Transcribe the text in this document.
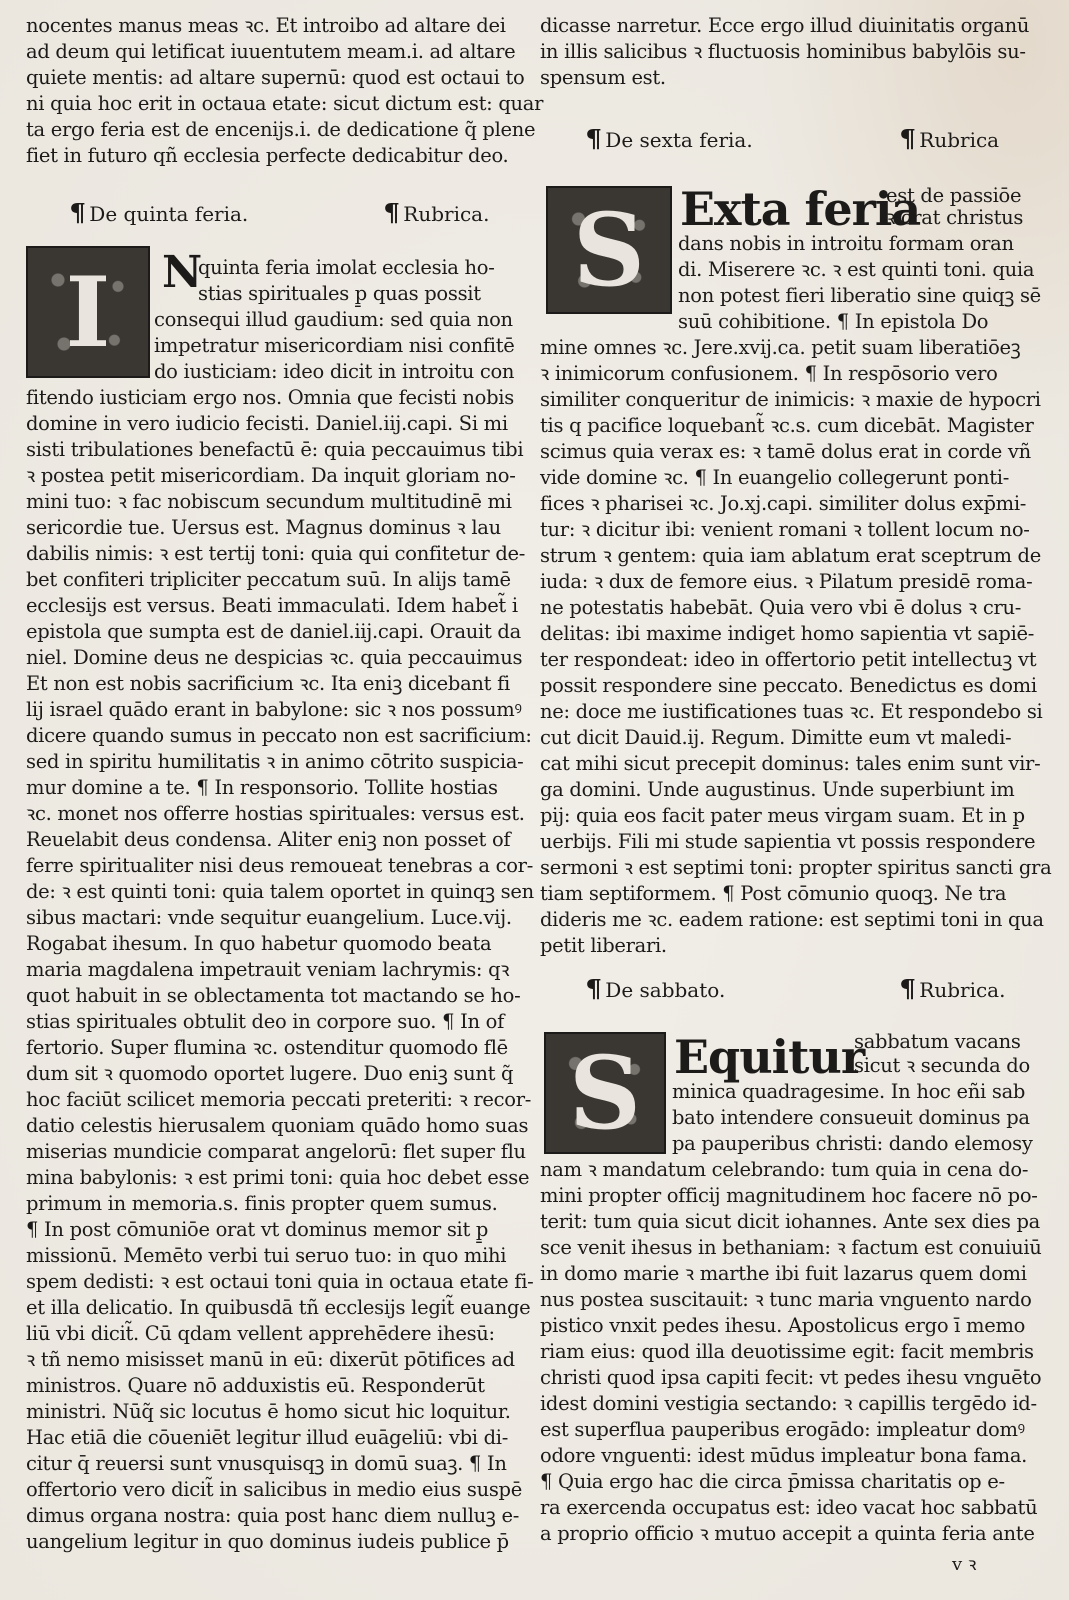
nocentes manus meas ꝛc. Et introibo ad altare dei
ad deum qui letificat iuuentutem meam.i. ad altare
quiete mentis: ad altare supernū: quod est octaui to
ni quia hoc erit in octaua etate: sicut dictum est: quar
ta ergo feria est de encenijs.i. de dedicatione q̃ plene
fiet in futuro qñ ecclesia perfecte dedicabitur deo.
¶ De quinta feria.	¶ Rubrica.
I	N
quinta feria imolat ecclesia ho-
stias spirituales p̱ quas possit
consequi illud gaudium: sed quia non
impetratur misericordiam nisi confitē
do iusticiam: ideo dicit in introitu con
fitendo iusticiam ergo nos. Omnia que fecisti nobis
domine in vero iudicio fecisti. Daniel.iij.capi. Si mi
sisti tribulationes benefactū ē: quia peccauimus tibi
ꝛ postea petit misericordiam. Da inquit gloriam no-
mini tuo: ꝛ fac nobiscum secundum multitudinē mi
sericordie tue. Uersus est. Magnus dominus ꝛ lau
dabilis nimis: ꝛ est tertij toni: quia qui confitetur de-
bet confiteri tripliciter peccatum suū. In alijs tamē
ecclesijs est versus. Beati immaculati. Idem habet̃ i
epistola que sumpta est de daniel.iij.capi. Orauit da
niel. Domine deus ne despicias ꝛc. quia peccauimus
Et non est nobis sacrificium ꝛc. Ita eniꝫ dicebant fi
lij israel quādo erant in babylone: sic ꝛ nos possumꝰ
dicere quando sumus in peccato non est sacrificium:
sed in spiritu humilitatis ꝛ in animo cōtrito suspicia-
mur domine a te. ¶ In responsorio. Tollite hostias
ꝛc. monet nos offerre hostias spirituales: versus est.
Reuelabit deus condensa. Aliter eniꝫ non posset of
ferre spiritualiter nisi deus remoueat tenebras a cor-
de: ꝛ est quinti toni: quia talem oportet in quinqꝫ sen
sibus mactari: vnde sequitur euangelium. Luce.vij.
Rogabat ihesum. In quo habetur quomodo beata
maria magdalena impetrauit veniam lachrymis: qꝛ
quot habuit in se oblectamenta tot mactando se ho-
stias spirituales obtulit deo in corpore suo. ¶ In of
fertorio. Super flumina ꝛc. ostenditur quomodo flē
dum sit ꝛ quomodo oportet lugere. Duo eniꝫ sunt q̃
hoc faciūt scilicet memoria peccati preteriti: ꝛ recor-
datio celestis hierusalem quoniam quādo homo suas
miserias mundicie comparat angelorū: flet super flu
mina babylonis: ꝛ est primi toni: quia hoc debet esse
primum in memoria.s. finis propter quem sumus.
¶ In post cōmuniōe orat vt dominus memor sit p̱
missionū. Memēto verbi tui seruo tuo: in quo mihi
spem dedisti: ꝛ est octaui toni quia in octaua etate fi-
et illa delicatio. In quibusdā tñ ecclesijs legit̃ euange
liū vbi dicit̃. Cū qdam vellent apprehēdere ihesū:
ꝛ tñ nemo misisset manū in eū: dixerūt pōtifices ad
ministros. Quare nō adduxistis eū. Responderūt
ministri. Nūq̃ sic locutus ē homo sicut hic loquitur.
Hac etiā die cōueniēt legitur illud euāgeliū: vbi di-
citur q̄ reuersi sunt vnusquisqꝫ in domū suaꝫ. ¶ In
offertorio vero dicit̃ in salicibus in medio eius suspē
dimus organa nostra: quia post hanc diem nulluꝫ e-
uangelium legitur in quo dominus iudeis publice p̄
dicasse narretur. Ecce ergo illud diuinitatis organū
in illis salicibus ꝛ fluctuosis hominibus babylōis su-
spensum est.
¶ De sexta feria.	¶ Rubrica
S Exta feria
est de passiōe
ꝛ orat christus
dans nobis in introitu formam oran
di. Miserere ꝛc. ꝛ est quinti toni. quia
non potest fieri liberatio sine quiqꝫ sē
suū cohibitione. ¶ In epistola Do
mine omnes ꝛc. Jere.xvij.ca. petit suam liberatiōeꝫ
ꝛ inimicorum confusionem. ¶ In respōsorio vero
similiter conqueritur de inimicis: ꝛ maxie de hypocri
tis q pacifice loquebant̃ ꝛc.s. cum dicebāt. Magister
scimus quia verax es: ꝛ tamē dolus erat in corde vñ
vide domine ꝛc. ¶ In euangelio collegerunt ponti-
fices ꝛ pharisei ꝛc. Jo.xj.capi. similiter dolus exp̄mi-
tur: ꝛ dicitur ibi: venient romani ꝛ tollent locum no-
strum ꝛ gentem: quia iam ablatum erat sceptrum de
iuda: ꝛ dux de femore eius. ꝛ Pilatum presidē roma-
ne potestatis habebāt. Quia vero vbi ē dolus ꝛ cru-
delitas: ibi maxime indiget homo sapientia vt sapiē-
ter respondeat: ideo in offertorio petit intellectuꝫ vt
possit respondere sine peccato. Benedictus es domi
ne: doce me iustificationes tuas ꝛc. Et respondebo si
cut dicit Dauid.ij. Regum. Dimitte eum vt maledi-
cat mihi sicut precepit dominus: tales enim sunt vir-
ga domini. Unde augustinus. Unde superbiunt im
pij: quia eos facit pater meus virgam suam. Et in p̱
uerbijs. Fili mi stude sapientia vt possis respondere
sermoni ꝛ est septimi toni: propter spiritus sancti gra
tiam septiformem. ¶ Post cōmunio quoqꝫ. Ne tra
dideris me ꝛc. eadem ratione: est septimi toni in qua
petit liberari.
¶ De sabbato.	¶ Rubrica.
S Equitur
sabbatum vacans
sicut ꝛ secunda do
minica quadragesime. In hoc eñi sab
bato intendere consueuit dominus pa
pa pauperibus christi: dando elemosy
nam ꝛ mandatum celebrando: tum quia in cena do-
mini propter officij magnitudinem hoc facere nō po-
terit: tum quia sicut dicit iohannes. Ante sex dies pa
sce venit ihesus in bethaniam: ꝛ factum est conuiuiū
in domo marie ꝛ marthe ibi fuit lazarus quem domi
nus postea suscitauit: ꝛ tunc maria vnguento nardo
pistico vnxit pedes ihesu. Apostolicus ergo ī memo
riam eius: quod illa deuotissime egit: facit membris
christi quod ipsa capiti fecit: vt pedes ihesu vnguēto
idest domini vestigia sectando: ꝛ capillis tergēdo id-
est superflua pauperibus erogādo: impleatur domꝰ
odore vnguenti: idest mūdus impleatur bona fama.
¶ Quia ergo hac die circa p̄missa charitatis op e-
ra exercenda occupatus est: ideo vacat hoc sabbatū
a proprio officio ꝛ mutuo accepit a quinta feria ante
v ꝛ
